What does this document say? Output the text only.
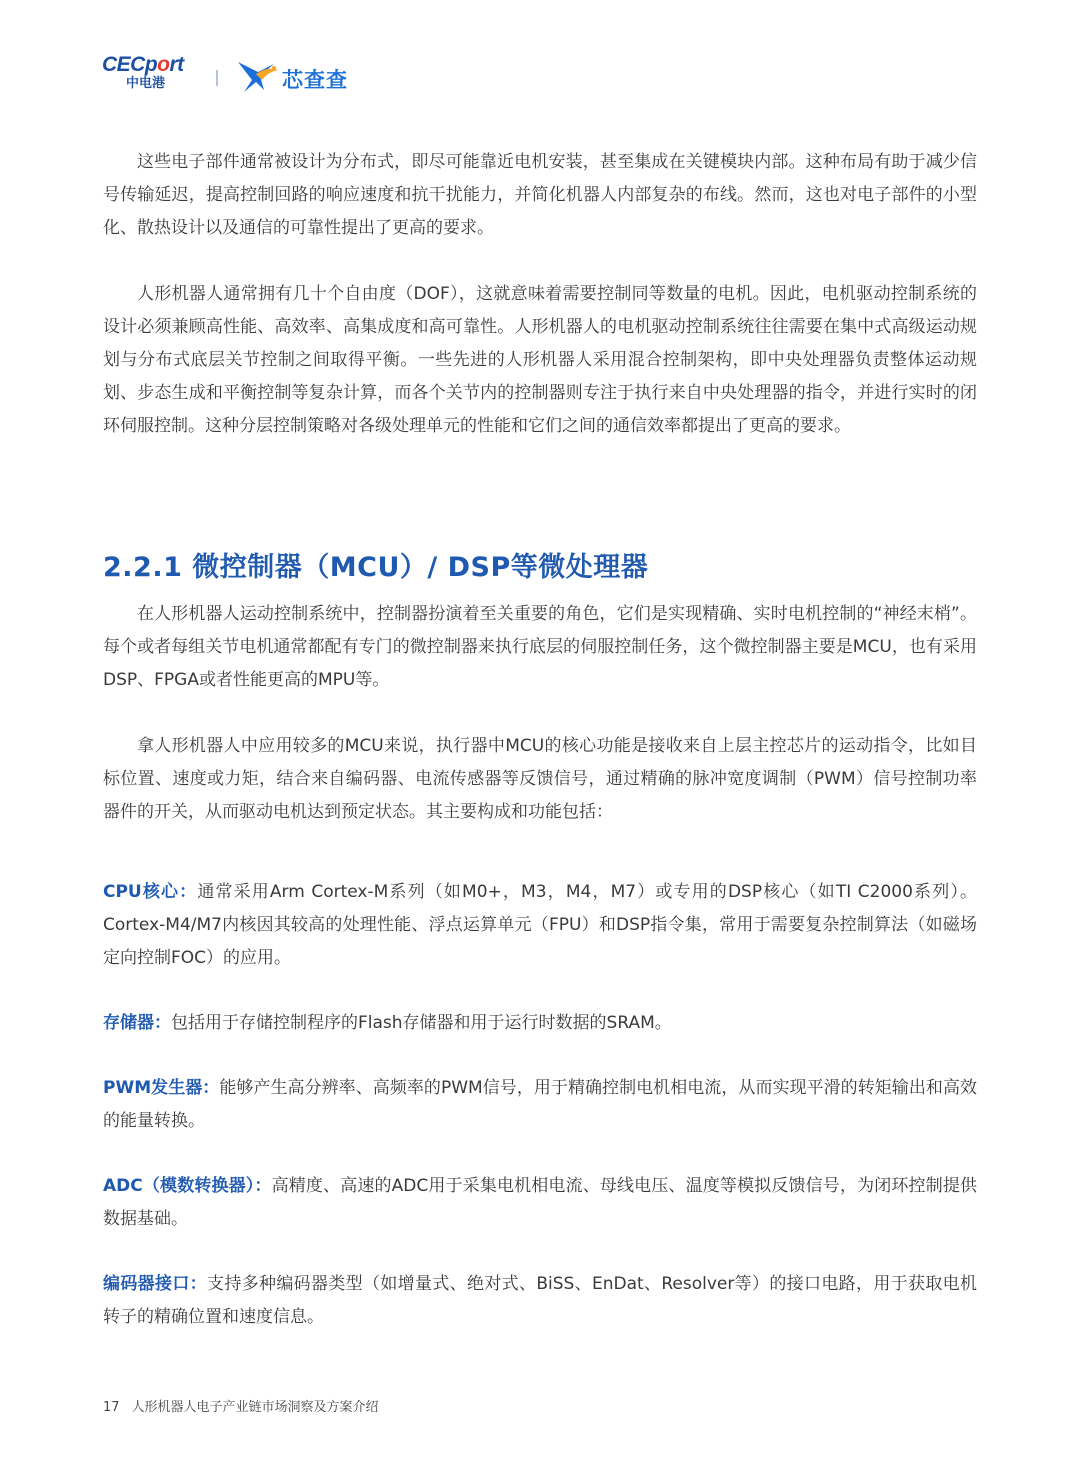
CECport
中电港	芯查查

这些电子部件通常被设计为分布式，即尽可能靠近电机安装，甚至集成在关键模块内部。这种布局有助于减少信号传输延迟，提高控制回路的响应速度和抗干扰能力，并简化机器人内部复杂的布线。然而，这也对电子部件的小型化、散热设计以及通信的可靠性提出了更高的要求。

人形机器人通常拥有几十个自由度（DOF），这就意味着需要控制同等数量的电机。因此，电机驱动控制系统的设计必须兼顾高性能、高效率、高集成度和高可靠性。人形机器人的电机驱动控制系统往往需要在集中式高级运动规划与分布式底层关节控制之间取得平衡。一些先进的人形机器人采用混合控制架构，即中央处理器负责整体运动规划、步态生成和平衡控制等复杂计算，而各个关节内的控制器则专注于执行来自中央处理器的指令，并进行实时的闭环伺服控制。这种分层控制策略对各级处理单元的性能和它们之间的通信效率都提出了更高的要求。

2.2.1 微控制器（MCU）/ DSP等微处理器

在人形机器人运动控制系统中，控制器扮演着至关重要的角色，它们是实现精确、实时电机控制的“神经末梢”。每个或者每组关节电机通常都配有专门的微控制器来执行底层的伺服控制任务，这个微控制器主要是MCU，也有采用DSP、FPGA或者性能更高的MPU等。

拿人形机器人中应用较多的MCU来说，执行器中MCU的核心功能是接收来自上层主控芯片的运动指令，比如目标位置、速度或力矩，结合来自编码器、电流传感器等反馈信号，通过精确的脉冲宽度调制（PWM）信号控制功率器件的开关，从而驱动电机达到预定状态。其主要构成和功能包括：

CPU核心：通常采用Arm Cortex-M系列（如M0+，M3，M4，M7）或专用的DSP核心（如TI C2000系列）。Cortex-M4/M7内核因其较高的处理性能、浮点运算单元（FPU）和DSP指令集，常用于需要复杂控制算法（如磁场定向控制FOC）的应用。

存储器：包括用于存储控制程序的Flash存储器和用于运行时数据的SRAM。

PWM发生器：能够产生高分辨率、高频率的PWM信号，用于精确控制电机相电流，从而实现平滑的转矩输出和高效的能量转换。

ADC（模数转换器）：高精度、高速的ADC用于采集电机相电流、母线电压、温度等模拟反馈信号，为闭环控制提供数据基础。

编码器接口：支持多种编码器类型（如增量式、绝对式、BiSS、EnDat、Resolver等）的接口电路，用于获取电机转子的精确位置和速度信息。

17 人形机器人电子产业链市场洞察及方案介绍
